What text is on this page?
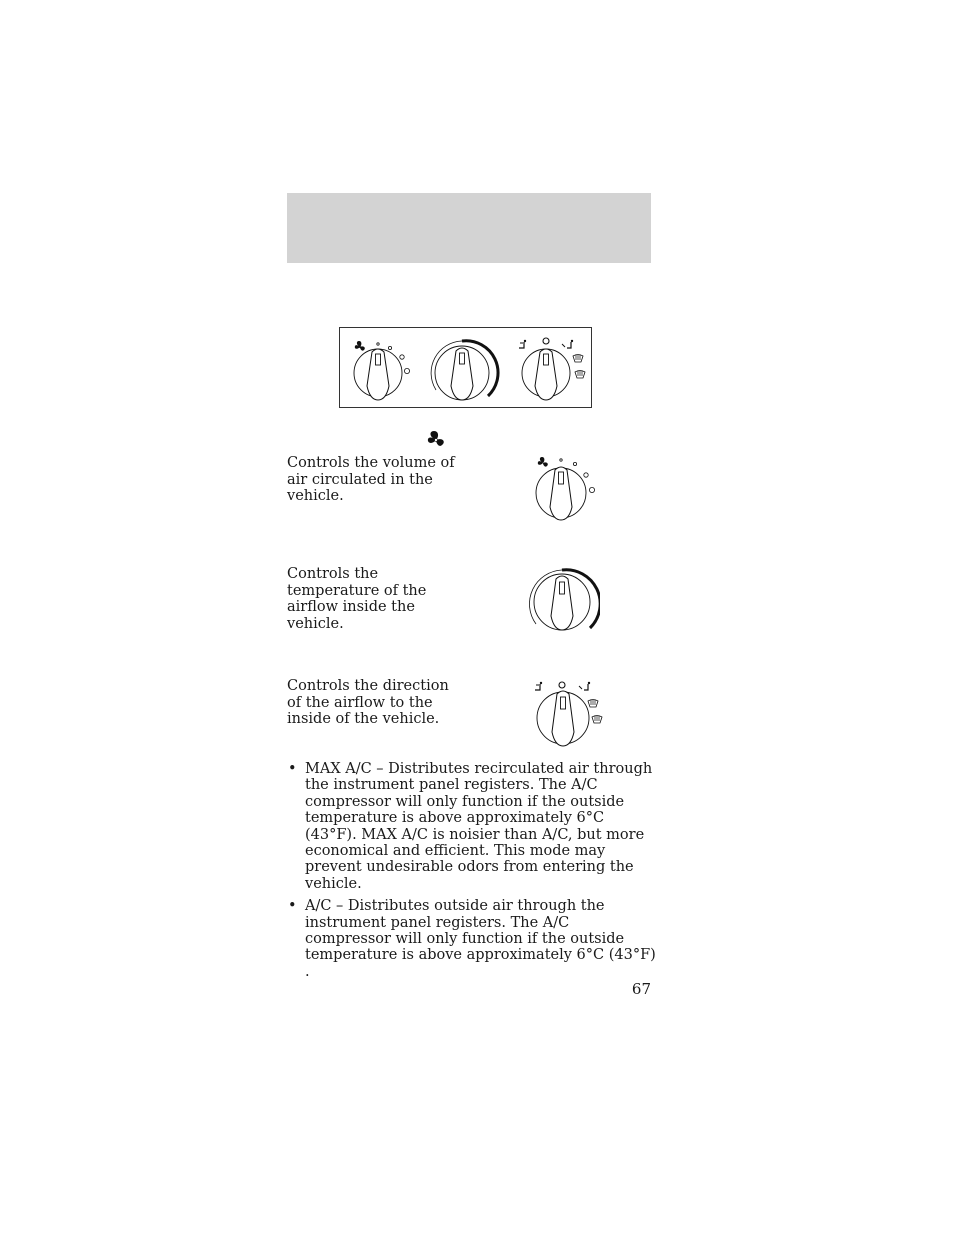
Controls the volume of air circulated in the vehicle.
Controls the temperature of the airflow inside the vehicle.
Controls the direction of the airflow to the inside of the vehicle.
• MAX A/C – Distributes recirculated air through the instrument panel registers. The A/C compressor will only function if the outside temperature is above approximately 6°C (43°F). MAX A/C is noisier than A/C, but more economical and efficient. This mode may prevent undesirable odors from entering the vehicle.
• A/C – Distributes outside air through the instrument panel registers. The A/C compressor will only function if the outside temperature is above approximately 6°C (43°F) .
67
